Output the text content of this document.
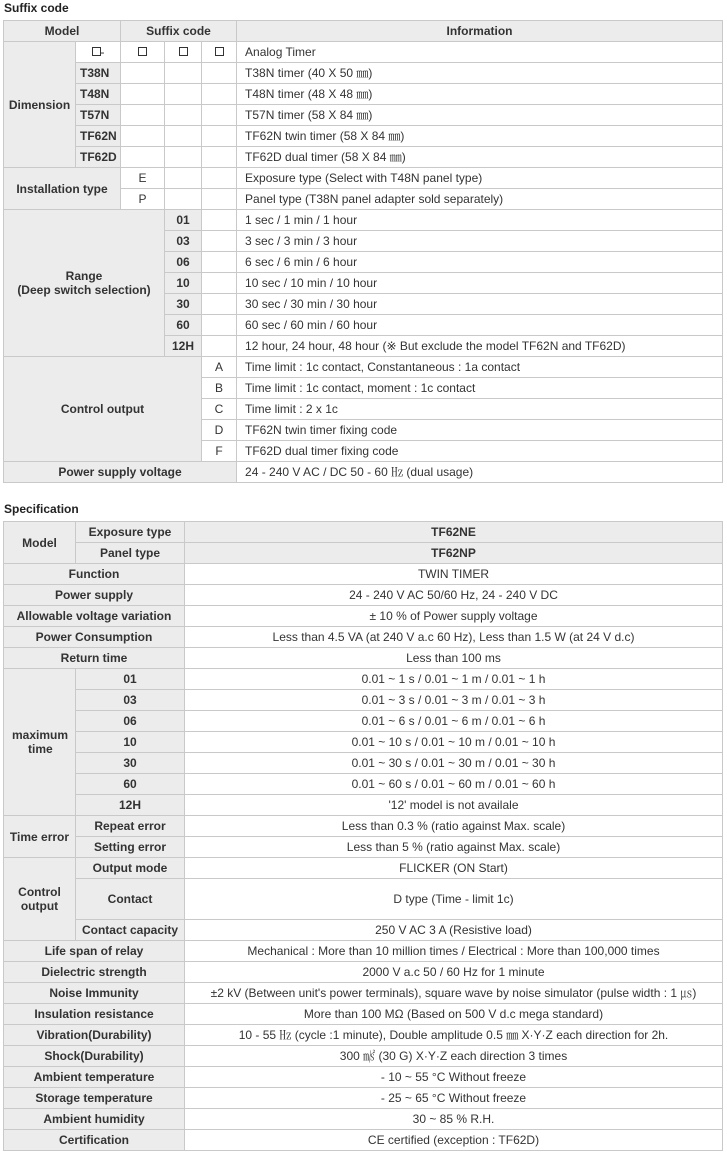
Suffix code
Model		Suffix code			Information
Dimension	-				Analog Timer
	T38N				T38N timer (40 X 50 ㎜)
	T48N				T48N timer (48 X 48 ㎜)
	T57N				T57N timer (58 X 84 ㎜)
	TF62N				TF62N twin timer (58 X 84 ㎜)
	TF62D				TF62D dual timer (58 X 84 ㎜)
Installation type		E			Exposure type (Select with T48N panel type)
		P			Panel type (T38N panel adapter sold separately)
Range
(Deep switch selection)			01		1 sec / 1 min / 1 hour
			03		3 sec / 3 min / 3 hour
			06		6 sec / 6 min / 6 hour
			10		10 sec / 10 min / 10 hour
			30		30 sec / 30 min / 30 hour
			60		60 sec / 60 min / 60 hour
			12H		12 hour, 24 hour, 48 hour (※ But exclude the model TF62N and TF62D)
Control output				A	Time limit : 1c contact, Constantaneous : 1a contact
				B	Time limit : 1c contact, moment : 1c contact
				C	Time limit : 2 x 1c
				D	TF62N twin timer fixing code
				F	TF62D dual timer fixing code
Power supply voltage					24 - 240 V AC / DC 50 - 60 ㎐ (dual usage)
Specification
Model	Exposure type	TF62NE
	Panel type	TF62NP
Function		TWIN TIMER
Power supply		24 - 240 V AC 50/60 Hz, 24 - 240 V DC
Allowable voltage variation		± 10 % of Power supply voltage
Power Consumption		Less than 4.5 VA (at 240 V a.c 60 Hz), Less than 1.5 W (at 24 V d.c)
Return time		Less than 100 ms
maximum
time	01	0.01 ~ 1 s / 0.01 ~ 1 m / 0.01 ~ 1 h
	03	0.01 ~ 3 s / 0.01 ~ 3 m / 0.01 ~ 3 h
	06	0.01 ~ 6 s / 0.01 ~ 6 m / 0.01 ~ 6 h
	10	0.01 ~ 10 s / 0.01 ~ 10 m / 0.01 ~ 10 h
	30	0.01 ~ 30 s / 0.01 ~ 30 m / 0.01 ~ 30 h
	60	0.01 ~ 60 s / 0.01 ~ 60 m / 0.01 ~ 60 h
	12H	'12' model is not availale
Time error	Repeat error	Less than 0.3 % (ratio against Max. scale)
	Setting error	Less than 5 % (ratio against Max. scale)
Control
output	Output mode	FLICKER (ON Start)
	Contact	D type (Time - limit 1c)
	Contact capacity	250 V AC 3 A (Resistive load)
Life span of relay		Mechanical : More than 10 million times / Electrical : More than 100,000 times
Dielectric strength		2000 V a.c 50 / 60 Hz for 1 minute
Noise Immunity		±2 kV (Between unit's power terminals), square wave by noise simulator (pulse width : 1 ㎲)
Insulation resistance		More than 100 MΩ (Based on 500 V d.c mega standard)
Vibration(Durability)		10 - 55 ㎐ (cycle :1 minute), Double amplitude 0.5 ㎜ X·Y·Z each direction for 2h.
Shock(Durability)		300 ㎨ (30 G) X·Y·Z each direction 3 times
Ambient temperature		- 10 ~ 55 °C Without freeze
Storage temperature		- 25 ~ 65 °C Without freeze
Ambient humidity		30 ~ 85 % R.H.
Certification		CE certified (exception : TF62D)
